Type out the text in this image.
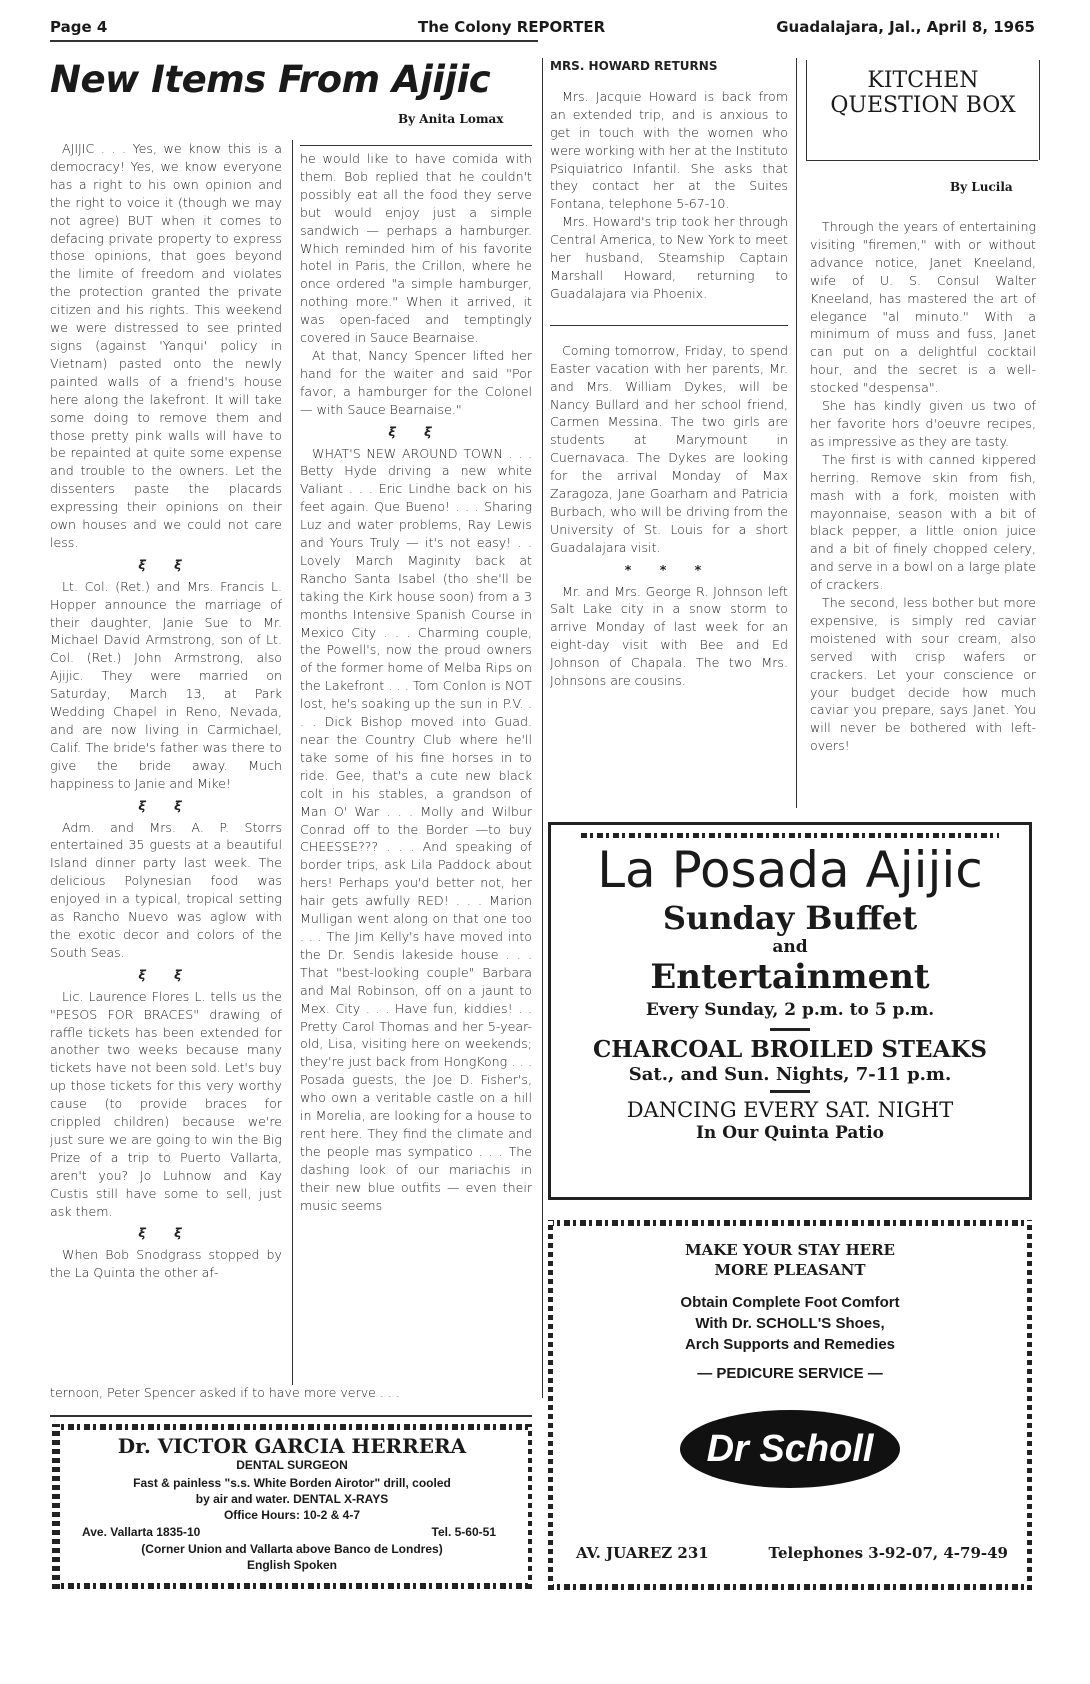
Page 4	The Colony REPORTER	Guadalajara, Jal., April 8, 1965
New Items From Ajijic
By Anita Lomax

AJIJIC . . . Yes, we know this is a democracy! Yes, we know everyone has a right to his own opinion and the right to voice it (though we may not agree) BUT when it comes to defacing private property to express those opinions, that goes beyond the limite of freedom and violates the protection granted the private citizen and his rights. This weekend we were distressed to see printed signs (against 'Yanqui' policy in Vietnam) pasted onto the newly painted walls of a friend's house here along the lakefront. It will take some doing to remove them and those pretty pink walls will have to be repainted at quite some expense and trouble to the owners. Let the dissenters paste the placards expressing their opinions on their own houses and we could not care less.

ξ ξ

Lt. Col. (Ret.) and Mrs. Francis L. Hopper announce the marriage of their daughter, Janie Sue to Mr. Michael David Armstrong, son of Lt. Col. (Ret.) John Armstrong, also Ajijic. They were married on Saturday, March 13, at Park Wedding Chapel in Reno, Nevada, and are now living in Carmichael, Calif. The bride's father was there to give the bride away. Much happiness to Janie and Mike!

ξ ξ

Adm. and Mrs. A. P. Storrs entertained 35 guests at a beautiful Island dinner party last week. The delicious Polynesian food was enjoyed in a typical, tropical setting as Rancho Nuevo was aglow with the exotic decor and colors of the South Seas.

ξ ξ

Lic. Laurence Flores L. tells us the "PESOS FOR BRACES" drawing of raffle tickets has been extended for another two weeks because many tickets have not been sold. Let's buy up those tickets for this very worthy cause (to provide braces for crippled children) because we're just sure we are going to win the Big Prize of a trip to Puerto Vallarta, aren't you? Jo Luhnow and Kay Custis still have some to sell, just ask them.

ξ ξ

When Bob Snodgrass stopped by the La Quinta the other af-

he would like to have comida with them. Bob replied that he couldn't possibly eat all the food they serve but would enjoy just a simple sandwich — perhaps a hamburger. Which reminded him of his favorite hotel in Paris, the Crillon, where he once ordered "a simple hamburger, nothing more." When it arrived, it was open-faced and temptingly covered in Sauce Bearnaise.

At that, Nancy Spencer lifted her hand for the waiter and said "Por favor, a hamburger for the Colonel — with Sauce Bearnaise."

ξ ξ

WHAT'S NEW AROUND TOWN . . . Betty Hyde driving a new white Valiant . . . Eric Lindhe back on his feet again. Que Bueno! . . . Sharing Luz and water problems, Ray Lewis and Yours Truly — it's not easy! . . Lovely March Maginity back at Rancho Santa Isabel (tho she'll be taking the Kirk house soon) from a 3 months Intensive Spanish Course in Mexico City . . . Charming couple, the Powell's, now the proud owners of the former home of Melba Rips on the Lakefront . . . Tom Conlon is NOT lost, he's soaking up the sun in P.V. . . . Dick Bishop moved into Guad. near the Country Club where he'll take some of his fine horses in to ride. Gee, that's a cute new black colt in his stables, a grandson of Man O' War . . . Molly and Wilbur Conrad off to the Border —to buy CHEESSE??? . . . And speaking of border trips, ask Lila Paddock about hers! Perhaps you'd better not, her hair gets awfully RED! . . . Marion Mulligan went along on that one too . . . The Jim Kelly's have moved into the Dr. Sendis lakeside house . . . That "best-looking couple" Barbara and Mal Robinson, off on a jaunt to Mex. City . . . Have fun, kiddies! . . Pretty Carol Thomas and her 5-year-old, Lisa, visiting here on weekends; they're just back from HongKong . . . Posada guests, the Joe D. Fisher's, who own a veritable castle on a hill in Morelia, are looking for a house to rent here. They find the climate and the people mas sympatico . . . The dashing look of our mariachis in their new blue outfits — even their music seems

ternoon, Peter Spencer asked if to have more verve . . .
MRS. HOWARD RETURNS

Mrs. Jacquie Howard is back from an extended trip, and is anxious to get in touch with the women who were working with her at the Instituto Psiquiatrico Infantil. She asks that they contact her at the Suites Fontana, telephone 5-67-10.

Mrs. Howard's trip took her through Central America, to New York to meet her husband, Steamship Captain Marshall Howard, returning to Guadalajara via Phoenix.

Coming tomorrow, Friday, to spend Easter vacation with her parents, Mr. and Mrs. William Dykes, will be Nancy Bullard and her school friend, Carmen Messina. The two girls are students at Marymount in Cuernavaca. The Dykes are looking for the arrival Monday of Max Zaragoza, Jane Goarham and Patricia Burbach, who will be driving from the University of St. Louis for a short Guadalajara visit.

* * *

Mr. and Mrs. George R. Johnson left Salt Lake city in a snow storm to arrive Monday of last week for an eight-day visit with Bee and Ed Johnson of Chapala. The two Mrs. Johnsons are cousins.

KITCHEN QUESTION BOX
By Lucila

Through the years of entertaining visiting "firemen," with or without advance notice, Janet Kneeland, wife of U. S. Consul Walter Kneeland, has mastered the art of elegance "al minuto." With a minimum of muss and fuss, Janet can put on a delightful cocktail hour, and the secret is a well-stocked "despensa".

She has kindly given us two of her favorite hors d'oeuvre recipes, as impressive as they are tasty.

The first is with canned kippered herring. Remove skin from fish, mash with a fork, moisten with mayonnaise, season with a bit of black pepper, a little onion juice and a bit of finely chopped celery, and serve in a bowl on a large plate of crackers.

The second, less bother but more expensive, is simply red caviar moistened with sour cream, also served with crisp wafers or crackers. Let your conscience or your budget decide how much caviar you prepare, says Janet. You will never be bothered with left-overs!

La Posada Ajijic
Sunday Buffet
and
Entertainment
Every Sunday, 2 p.m. to 5 p.m.
CHARCOAL BROILED STEAKS
Sat., and Sun. Nights, 7-11 p.m.
DANCING EVERY SAT. NIGHT
In Our Quinta Patio
MAKE YOUR STAY HERE
MORE PLEASANT
Obtain Complete Foot Comfort
With Dr. SCHOLL'S Shoes,
Arch Supports and Remedies
— PEDICURE SERVICE —
Dr Scholl
AV. JUAREZ 231	Telephones 3-92-07, 4-79-49
Dr. VICTOR GARCIA HERRERA
DENTAL SURGEON
Fast & painless "s.s. White Borden Airotor" drill, cooled
by air and water. DENTAL X-RAYS
Office Hours: 10-2 & 4-7
Ave. Vallarta 1835-10	Tel. 5-60-51
(Corner Union and Vallarta above Banco de Londres)
English Spoken
